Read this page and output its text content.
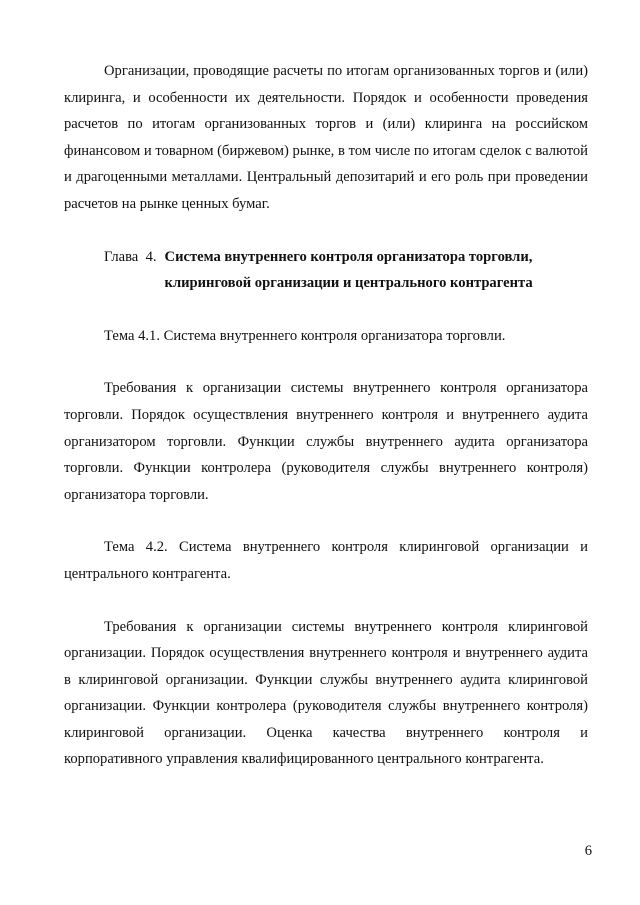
Организации, проводящие расчеты по итогам организованных торгов и (или) клиринга, и особенности их деятельности. Порядок и особенности проведения расчетов по итогам организованных торгов и (или) клиринга на российском финансовом и товарном (биржевом) рынке, в том числе по итогам сделок с валютой и драгоценными металлами. Центральный депозитарий и его роль при проведении расчетов на рынке ценных бумаг.

Глава  4. Система внутреннего контроля организатора торговли,
клиринговой организации и центрального контрагента

Тема 4.1. Система внутреннего контроля организатора торговли.

Требования к организации системы внутреннего контроля организатора торговли. Порядок осуществления внутреннего контроля и внутреннего аудита организатором торговли. Функции службы внутреннего аудита организатора торговли. Функции контролера (руководителя службы внутреннего контроля) организатора торговли.

Тема 4.2. Система внутреннего контроля клиринговой организации и центрального контрагента.

Требования к организации системы внутреннего контроля клиринговой организации. Порядок осуществления внутреннего контроля и внутреннего аудита в клиринговой организации. Функции службы внутреннего аудита клиринговой организации. Функции контролера (руководителя службы внутреннего контроля) клиринговой организации. Оценка качества внутреннего контроля и корпоративного управления квалифицированного центрального контрагента.

6
